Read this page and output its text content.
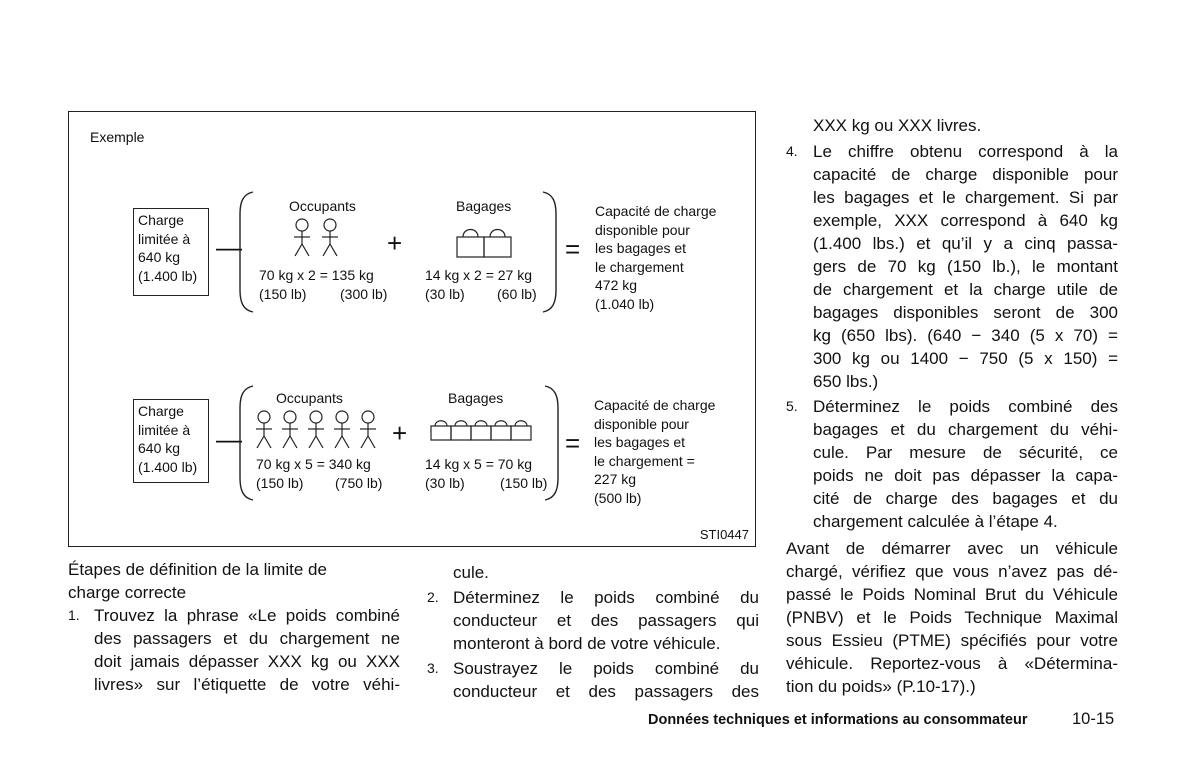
Exemple
Charge
limitée à
640 kg
(1.400 lb)
—
Occupants
+
Bagages
70 kg x 2 = 135 kg
(150 lb) (300 lb)
14 kg x 2 = 27 kg
(30 lb) (60 lb)
=
Capacité de charge
disponible pour
les bagages et
le chargement
472 kg
(1.040 lb)
Charge
limitée à
640 kg
(1.400 lb)
—
Occupants
+
Bagages
70 kg x 5 = 340 kg
(150 lb) (750 lb)
14 kg x 5 = 70 kg
(30 lb)	(150 lb)
=
Capacité de charge
disponible pour
les bagages et
le chargement =
227 kg
(500 lb)
STI0447
Étapes de définition de la limite de
charge correcte
1. Trouvez la phrase «Le poids combiné
des passagers et du chargement ne
doit jamais dépasser XXX kg ou XXX
livres» sur l’étiquette de votre véhi-
cule.
2. Déterminez le poids combiné du
conducteur et des passagers qui
monteront à bord de votre véhicule.
3. Soustrayez le poids combiné du
conducteur et des passagers des
XXX kg ou XXX livres.
4. Le chiffre obtenu correspond à la
capacité de charge disponible pour
les bagages et le chargement. Si par
exemple, XXX correspond à 640 kg
(1.400 lbs.) et qu’il y a cinq passa-
gers de 70 kg (150 lb.), le montant
de chargement et la charge utile de
bagages disponibles seront de 300
kg (650 lbs). (640 − 340 (5 x 70) =
300 kg ou 1400 − 750 (5 x 150) =
650 lbs.)
5. Déterminez le poids combiné des
bagages et du chargement du véhi-
cule. Par mesure de sécurité, ce
poids ne doit pas dépasser la capa-
cité de charge des bagages et du
chargement calculée à l’étape 4.
Avant de démarrer avec un véhicule
chargé, vérifiez que vous n’avez pas dé-
passé le Poids Nominal Brut du Véhicule
(PNBV) et le Poids Technique Maximal
sous Essieu (PTME) spécifiés pour votre
véhicule. Reportez-vous à «Détermina-
tion du poids» (P.10-17).)
Données techniques et informations au consommateur	10-15
